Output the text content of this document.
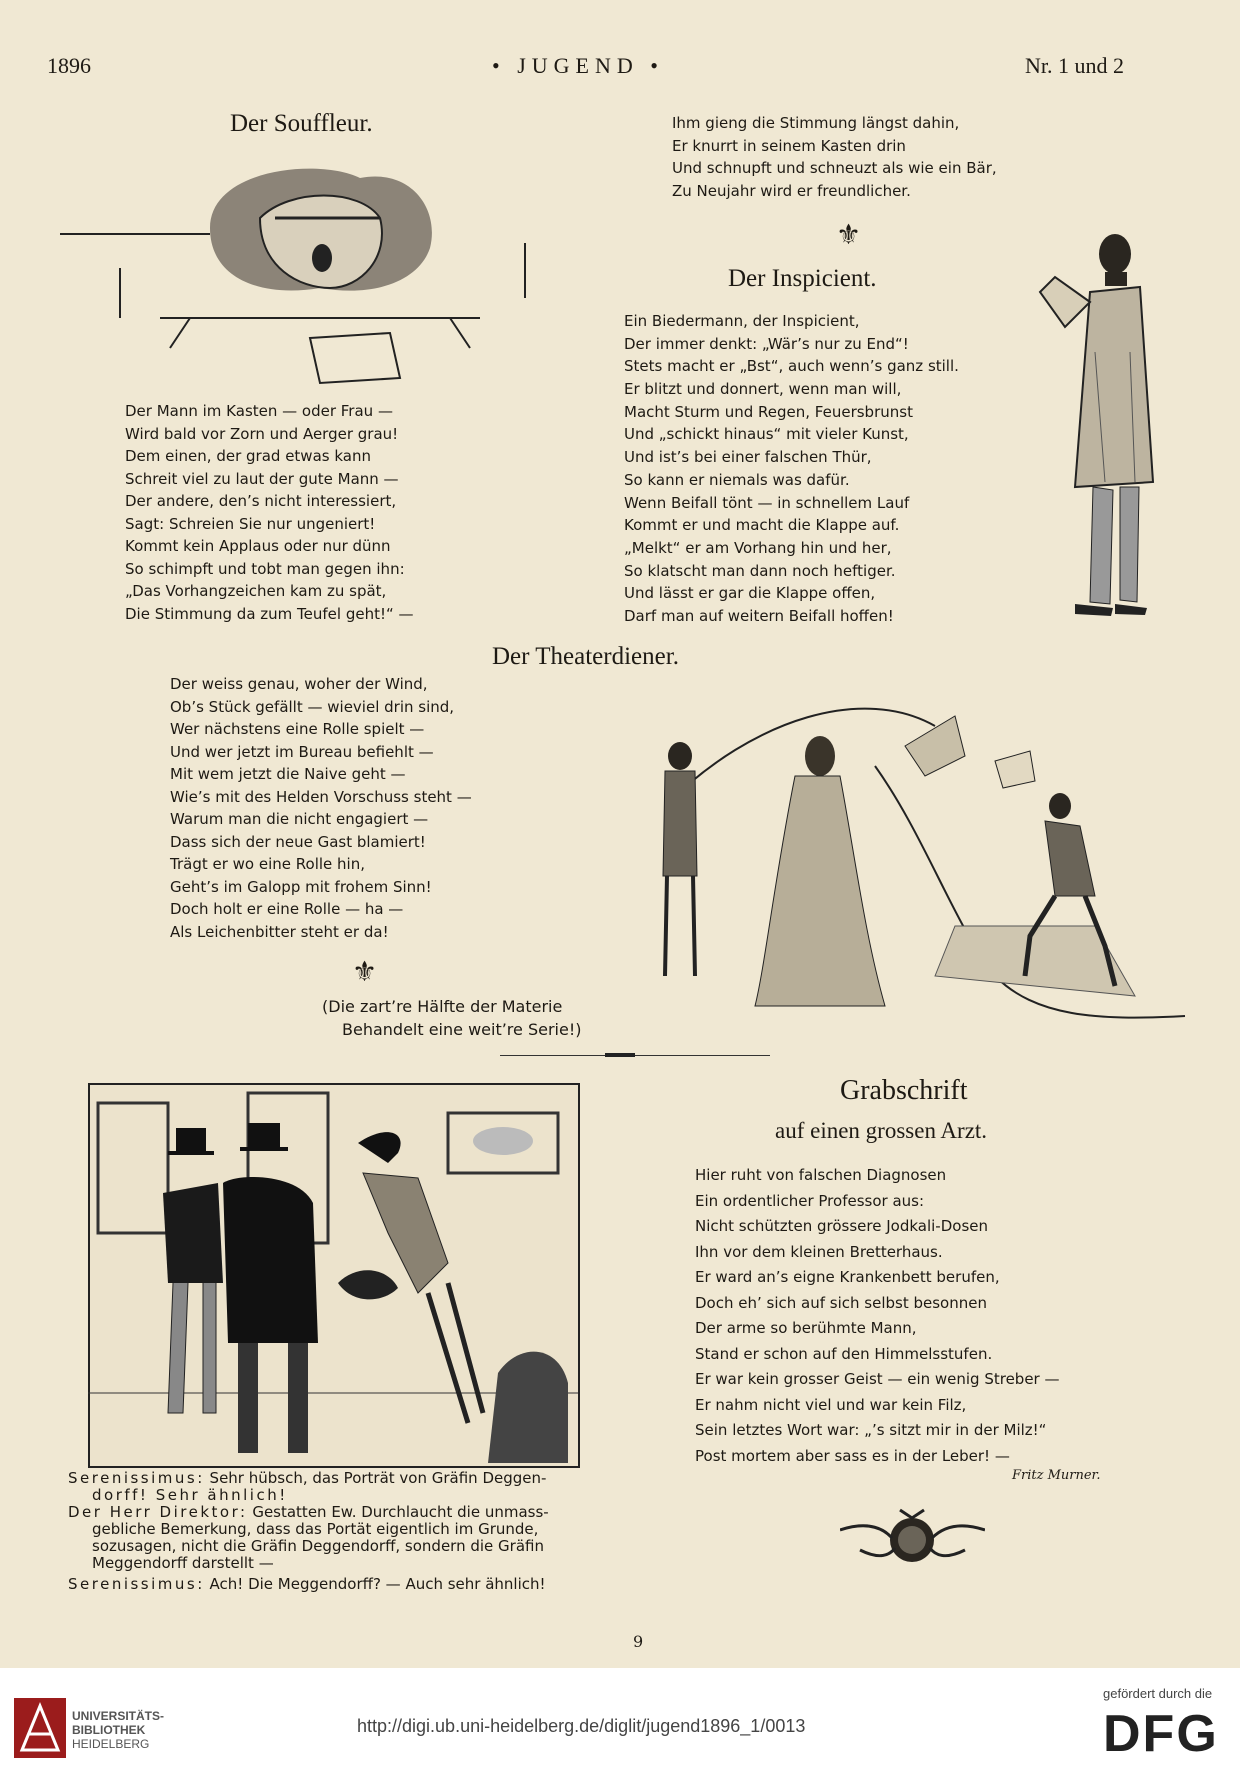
1896	• JUGEND •	Nr. 1 und 2
Der Souffleur.
Der Mann im Kasten — oder Frau —
Wird bald vor Zorn und Aerger grau!
Dem einen, der grad etwas kann
Schreit viel zu laut der gute Mann —
Der andere, den’s nicht interessiert,
Sagt: Schreien Sie nur ungeniert!
Kommt kein Applaus oder nur dünn
So schimpft und tobt man gegen ihn:
„Das Vorhangzeichen kam zu spät,
Die Stimmung da zum Teufel geht!“ —
Ihm gieng die Stimmung längst dahin,
Er knurrt in seinem Kasten drin
Und schnupft und schneuzt als wie ein Bär,
Zu Neujahr wird er freundlicher.
⚜
Der Inspicient.
Ein Biedermann, der Inspicient,
Der immer denkt: „Wär’s nur zu End“!
Stets macht er „Bst“, auch wenn’s ganz still.
Er blitzt und donnert, wenn man will,
Macht Sturm und Regen, Feuersbrunst
Und „schickt hinaus“ mit vieler Kunst,
Und ist’s bei einer falschen Thür,
So kann er niemals was dafür.
Wenn Beifall tönt — in schnellem Lauf
Kommt er und macht die Klappe auf.
„Melkt“ er am Vorhang hin und her,
So klatscht man dann noch heftiger.
Und lässt er gar die Klappe offen,
Darf man auf weitern Beifall hoffen!
Der Theaterdiener.
Der weiss genau, woher der Wind,
Ob’s Stück gefällt — wieviel drin sind,
Wer nächstens eine Rolle spielt —
Und wer jetzt im Bureau befiehlt —
Mit wem jetzt die Naive geht —
Wie’s mit des Helden Vorschuss steht —
Warum man die nicht engagiert —
Dass sich der neue Gast blamiert!
Trägt er wo eine Rolle hin,
Geht’s im Galopp mit frohem Sinn!
Doch holt er eine Rolle — ha —
Als Leichenbitter steht er da!
⚜
(Die zart’re Hälfte der Materie
Behandelt eine weit’re Serie!)
Serenissimus: Sehr hübsch, das Porträt von Gräfin Deggen-
dorff! Sehr ähnlich!
Der Herr Direktor: Gestatten Ew. Durchlaucht die unmass-
gebliche Bemerkung, dass das Portät eigentlich im Grunde,
sozusagen, nicht die Gräfin Deggendorff, sondern die Gräfin
Meggendorff darstellt —
Serenissimus: Ach! Die Meggendorff? — Auch sehr ähnlich!
Grabschrift
auf einen grossen Arzt.
Hier ruht von falschen Diagnosen
Ein ordentlicher Professor aus:
Nicht schützten grössere Jodkali-Dosen
Ihn vor dem kleinen Bretterhaus.
Er ward an’s eigne Krankenbett berufen,
Doch eh’ sich auf sich selbst besonnen
Der arme so berühmte Mann,
Stand er schon auf den Himmelsstufen.
Er war kein grosser Geist — ein wenig Streber —
Er nahm nicht viel und war kein Filz,
Sein letztes Wort war: „’s sitzt mir in der Milz!“
Post mortem aber sass es in der Leber! —
Fritz Murner.
9
UNIVERSITÄTS-
BIBLIOTHEK
HEIDELBERG
http://digi.ub.uni-heidelberg.de/diglit/jugend1896_1/0013
gefördert durch die
DFG
